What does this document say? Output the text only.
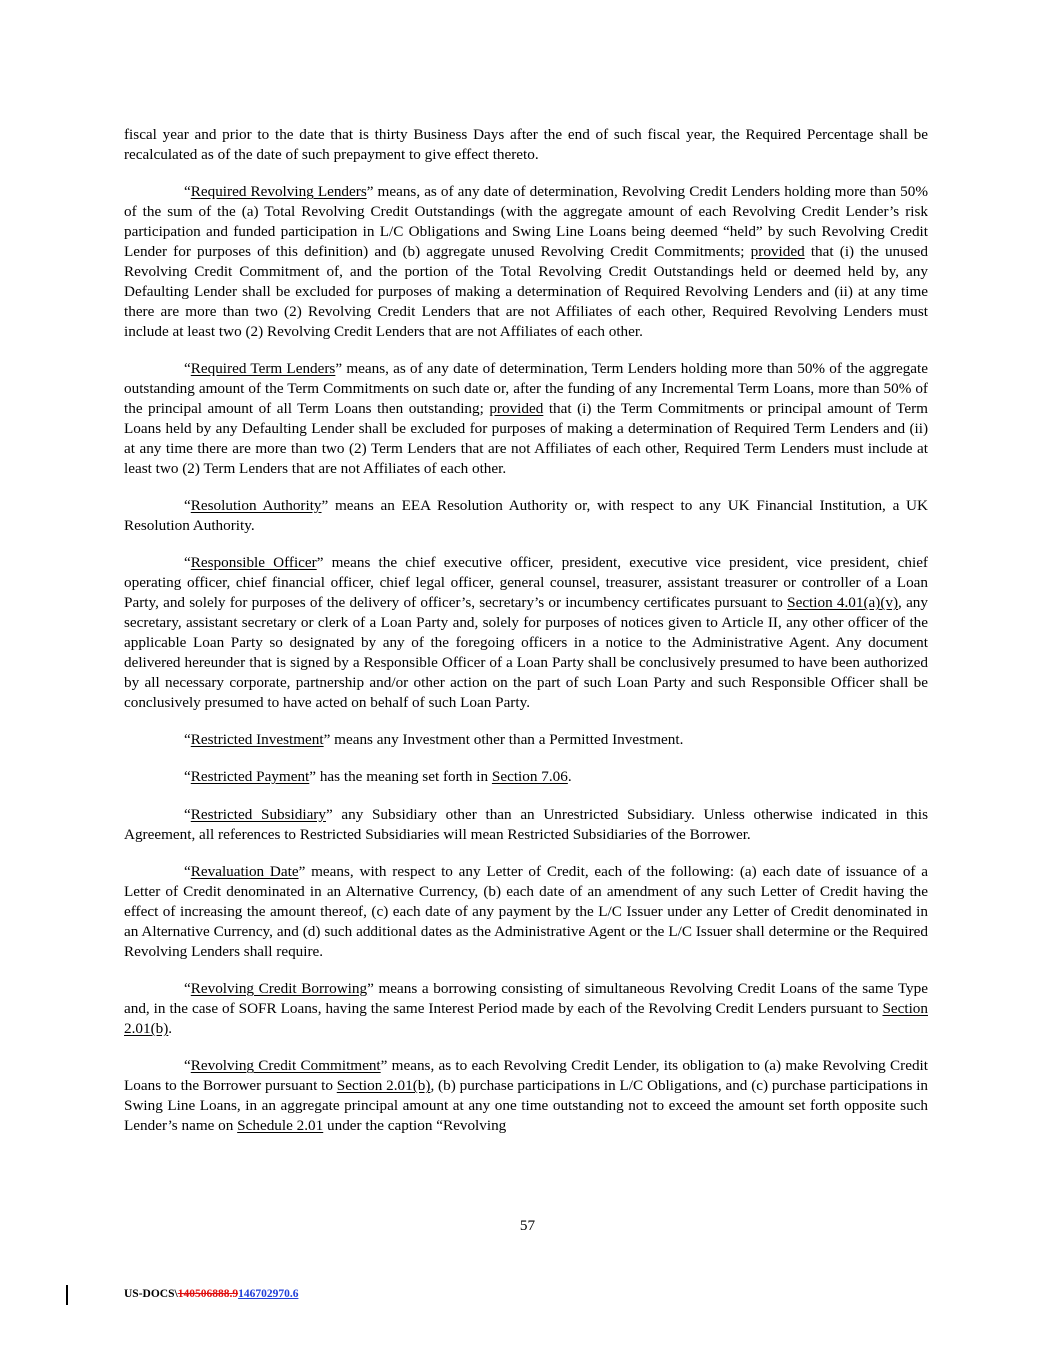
fiscal year and prior to the date that is thirty Business Days after the end of such fiscal year, the Required Percentage shall be recalculated as of the date of such prepayment to give effect thereto.

“Required Revolving Lenders” means, as of any date of determination, Revolving Credit Lenders holding more than 50% of the sum of the (a) Total Revolving Credit Outstandings (with the aggregate amount of each Revolving Credit Lender’s risk participation and funded participation in L/C Obligations and Swing Line Loans being deemed “held” by such Revolving Credit Lender for purposes of this definition) and (b) aggregate unused Revolving Credit Commitments; provided that (i) the unused Revolving Credit Commitment of, and the portion of the Total Revolving Credit Outstandings held or deemed held by, any Defaulting Lender shall be excluded for purposes of making a determination of Required Revolving Lenders and (ii) at any time there are more than two (2) Revolving Credit Lenders that are not Affiliates of each other, Required Revolving Lenders must include at least two (2) Revolving Credit Lenders that are not Affiliates of each other.

“Required Term Lenders” means, as of any date of determination, Term Lenders holding more than 50% of the aggregate outstanding amount of the Term Commitments on such date or, after the funding of any Incremental Term Loans, more than 50% of the principal amount of all Term Loans then outstanding; provided that (i) the Term Commitments or principal amount of Term Loans held by any Defaulting Lender shall be excluded for purposes of making a determination of Required Term Lenders and (ii) at any time there are more than two (2) Term Lenders that are not Affiliates of each other, Required Term Lenders must include at least two (2) Term Lenders that are not Affiliates of each other.

“Resolution Authority” means an EEA Resolution Authority or, with respect to any UK Financial Institution, a UK Resolution Authority.

“Responsible Officer” means the chief executive officer, president, executive vice president, vice president, chief operating officer, chief financial officer, chief legal officer, general counsel, treasurer, assistant treasurer or controller of a Loan Party, and solely for purposes of the delivery of officer’s, secretary’s or incumbency certificates pursuant to Section 4.01(a)(v), any secretary, assistant secretary or clerk of a Loan Party and, solely for purposes of notices given to Article II, any other officer of the applicable Loan Party so designated by any of the foregoing officers in a notice to the Administrative Agent. Any document delivered hereunder that is signed by a Responsible Officer of a Loan Party shall be conclusively presumed to have been authorized by all necessary corporate, partnership and/or other action on the part of such Loan Party and such Responsible Officer shall be conclusively presumed to have acted on behalf of such Loan Party.

“Restricted Investment” means any Investment other than a Permitted Investment.

“Restricted Payment” has the meaning set forth in Section 7.06.

“Restricted Subsidiary” any Subsidiary other than an Unrestricted Subsidiary. Unless otherwise indicated in this Agreement, all references to Restricted Subsidiaries will mean Restricted Subsidiaries of the Borrower.

“Revaluation Date” means, with respect to any Letter of Credit, each of the following: (a) each date of issuance of a Letter of Credit denominated in an Alternative Currency, (b) each date of an amendment of any such Letter of Credit having the effect of increasing the amount thereof, (c) each date of any payment by the L/C Issuer under any Letter of Credit denominated in an Alternative Currency, and (d) such additional dates as the Administrative Agent or the L/C Issuer shall determine or the Required Revolving Lenders shall require.

“Revolving Credit Borrowing” means a borrowing consisting of simultaneous Revolving Credit Loans of the same Type and, in the case of SOFR Loans, having the same Interest Period made by each of the Revolving Credit Lenders pursuant to Section 2.01(b).

“Revolving Credit Commitment” means, as to each Revolving Credit Lender, its obligation to (a) make Revolving Credit Loans to the Borrower pursuant to Section 2.01(b), (b) purchase participations in L/C Obligations, and (c) purchase participations in Swing Line Loans, in an aggregate principal amount at any one time outstanding not to exceed the amount set forth opposite such Lender’s name on Schedule 2.01 under the caption “Revolving

57
US-DOCS\140506888.9146702970.6
